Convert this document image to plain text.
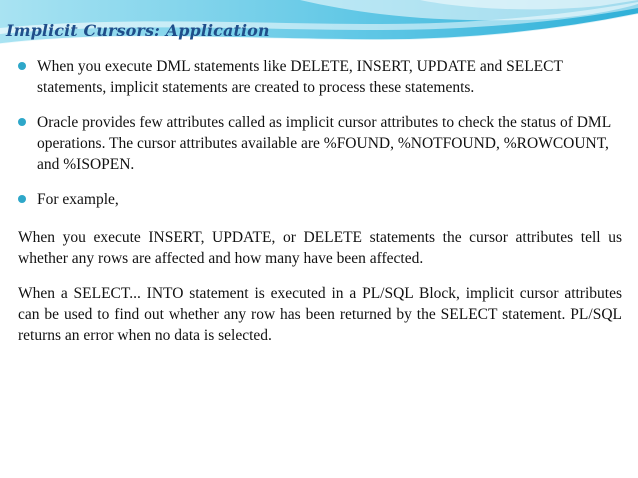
Implicit Cursors: Application
When you execute DML statements like DELETE, INSERT, UPDATE and SELECT statements, implicit statements are created to process these statements.
Oracle provides few attributes called as implicit cursor attributes to check the status of DML operations. The cursor attributes available are %FOUND, %NOTFOUND, %ROWCOUNT, and %ISOPEN.
For example,

When you execute INSERT, UPDATE, or DELETE statements the cursor attributes tell us whether any rows are affected and how many have been affected.

When a SELECT... INTO statement is executed in a PL/SQL Block, implicit cursor attributes can be used to find out whether any row has been returned by the SELECT statement. PL/SQL returns an error when no data is selected.
